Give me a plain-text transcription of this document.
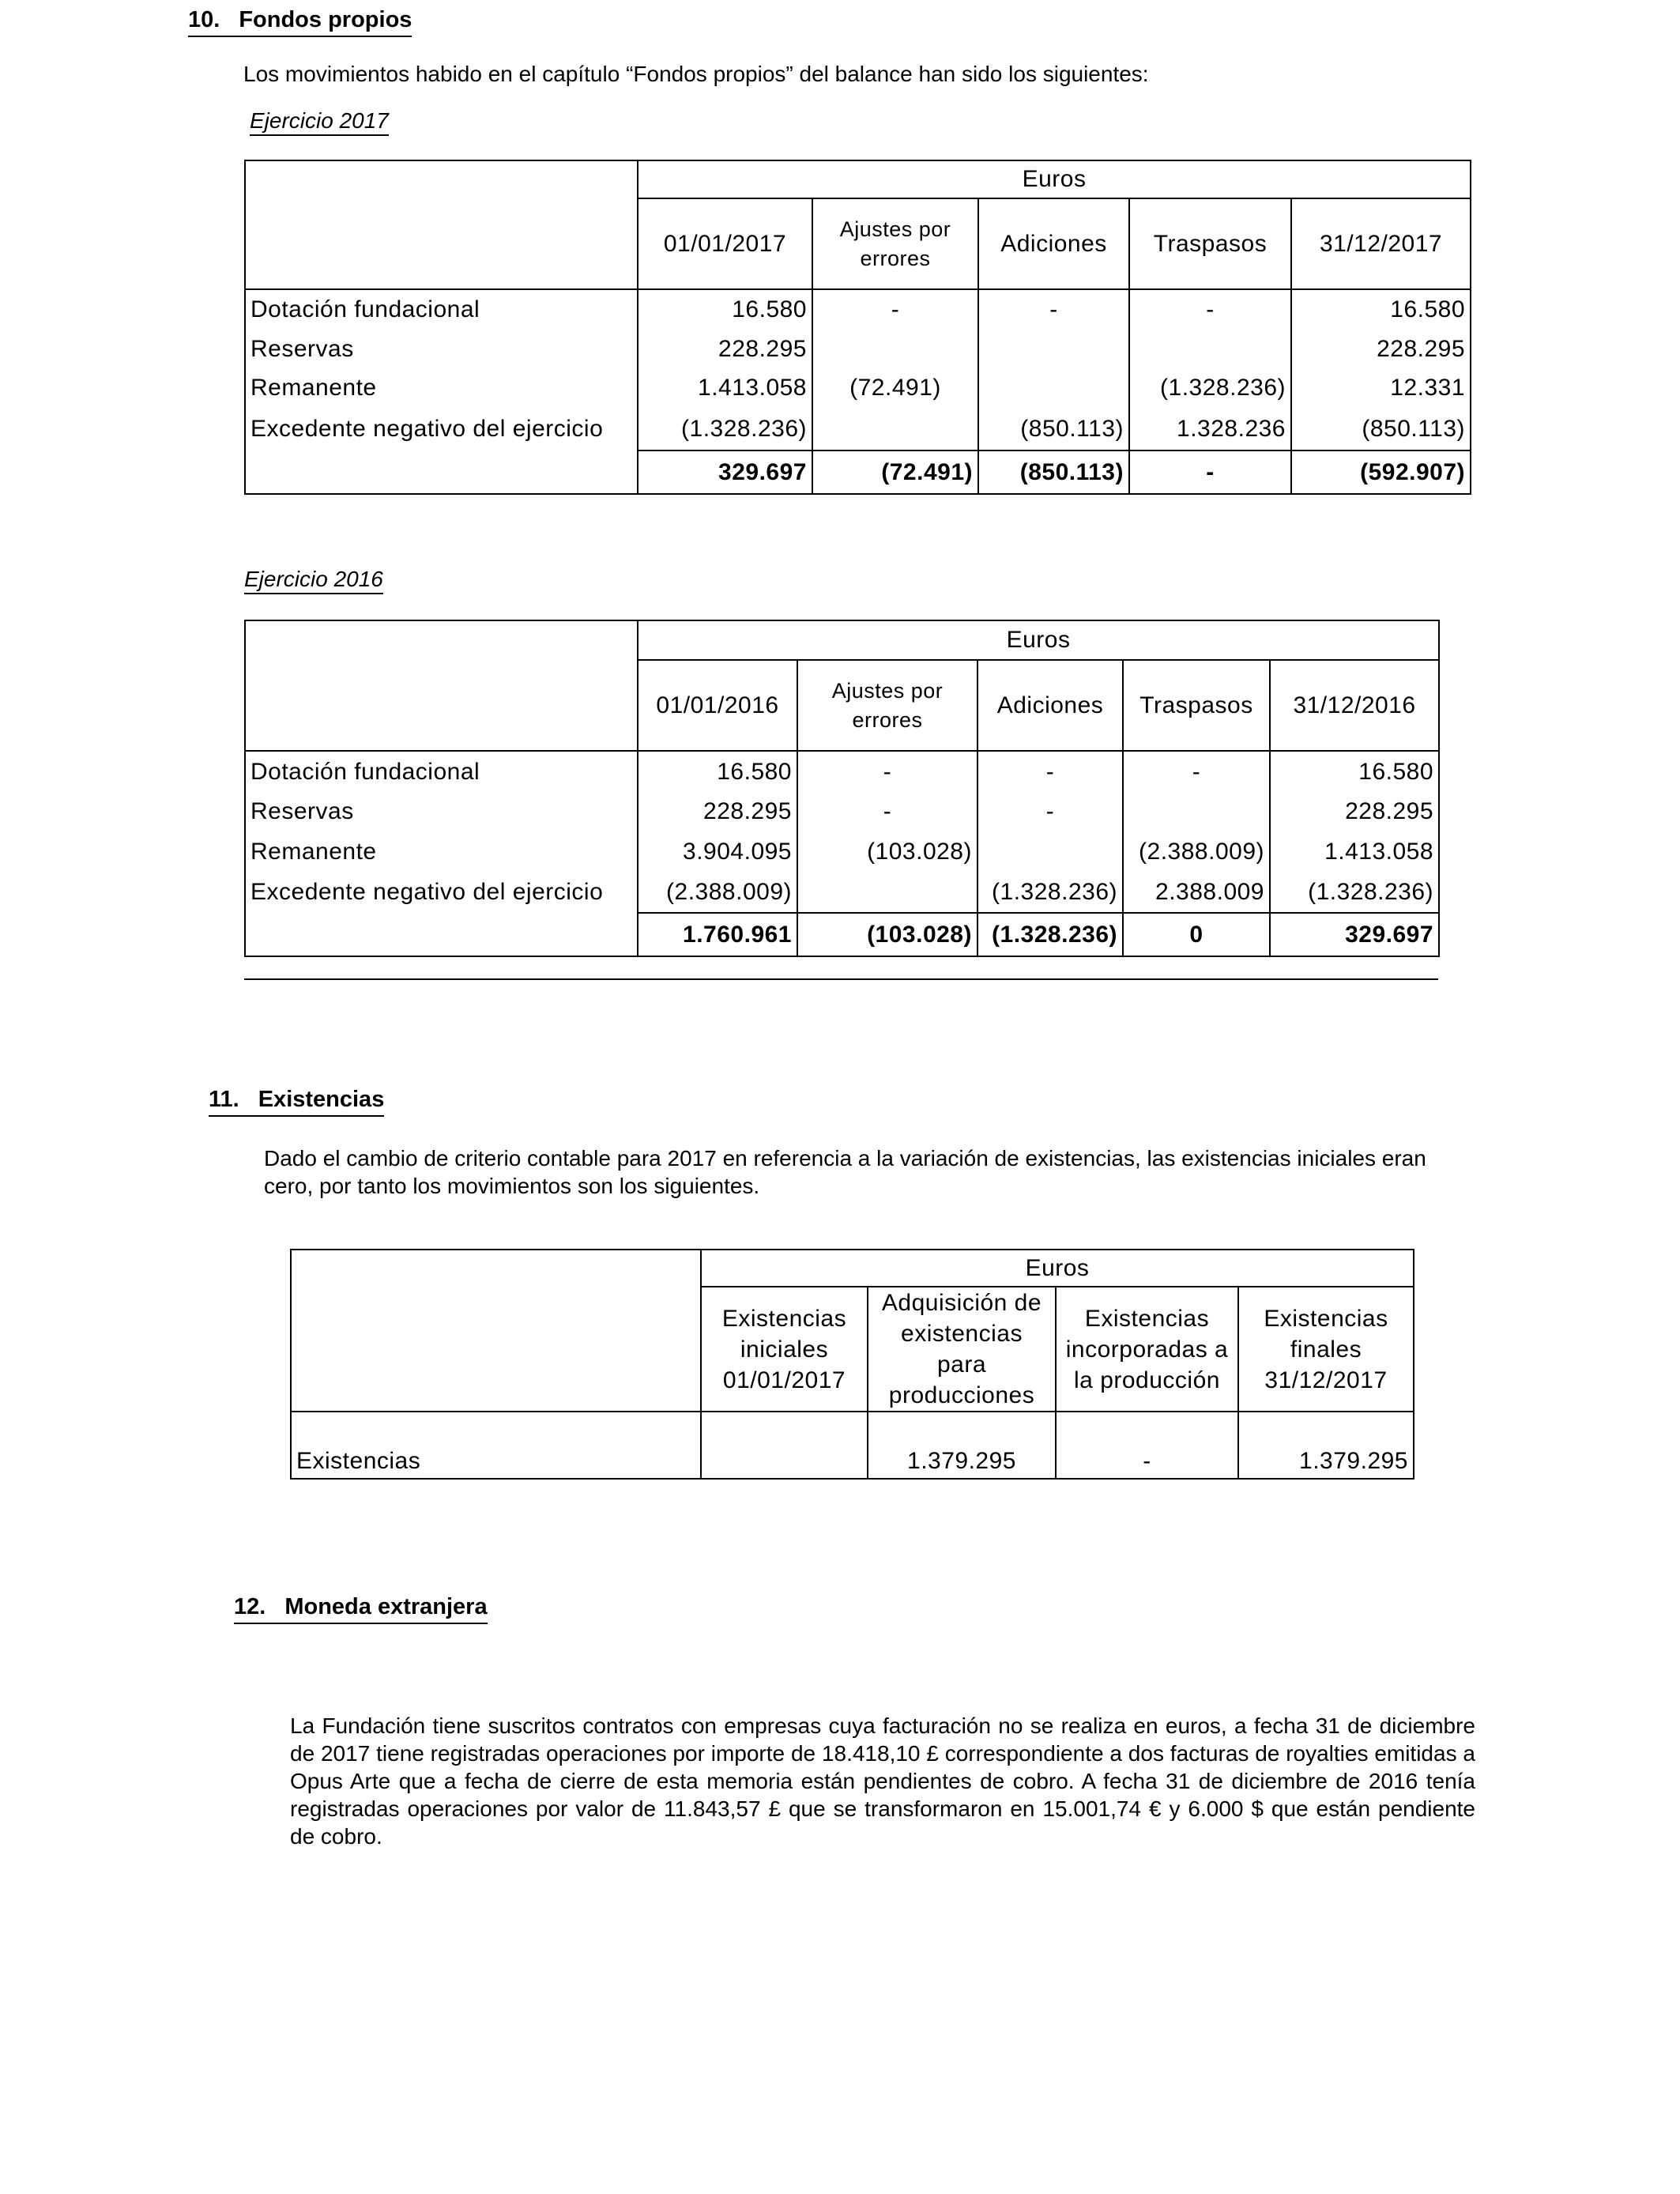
10. Fondos propios
Los movimientos habido en el capítulo “Fondos propios” del balance han sido los siguientes:
Ejercicio 2017
	Euros				
	01/01/2017	Ajustes por errores	Adiciones	Traspasos	31/12/2017
Dotación fundacional	16.580	-	-	-	16.580
Reservas	228.295				228.295
Remanente	1.413.058	(72.491)		(1.328.236)	12.331
Excedente negativo del ejercicio	(1.328.236)		(850.113)	1.328.236	(850.113)
	329.697	(72.491)	(850.113)	-	(592.907)
Ejercicio 2016
	Euros				
	01/01/2016	Ajustes por errores	Adiciones	Traspasos	31/12/2016
Dotación fundacional	16.580	-	-	-	16.580
Reservas	228.295	-	-		228.295
Remanente	3.904.095	(103.028)		(2.388.009)	1.413.058
Excedente negativo del ejercicio	(2.388.009)		(1.328.236)	2.388.009	(1.328.236)
	1.760.961	(103.028)	(1.328.236)	0	329.697
11. Existencias
Dado el cambio de criterio contable para 2017 en referencia a la variación de existencias, las existencias iniciales eran cero, por tanto los movimientos son los siguientes.
	Euros			
	Existencias iniciales 01/01/2017	Adquisición de existencias para producciones	Existencias incorporadas a la producción	Existencias finales 31/12/2017
Existencias		1.379.295	-	1.379.295
12. Moneda extranjera
La Fundación tiene suscritos contratos con empresas cuya facturación no se realiza en euros, a fecha 31 de diciembre de 2017 tiene registradas operaciones por importe de 18.418,10 £ correspondiente a dos facturas de royalties emitidas a Opus Arte que a fecha de cierre de esta memoria están pendientes de cobro. A fecha 31 de diciembre de 2016 tenía registradas operaciones por valor de 11.843,57 £ que se transformaron en 15.001,74 € y 6.000 $ que están pendiente de cobro.
